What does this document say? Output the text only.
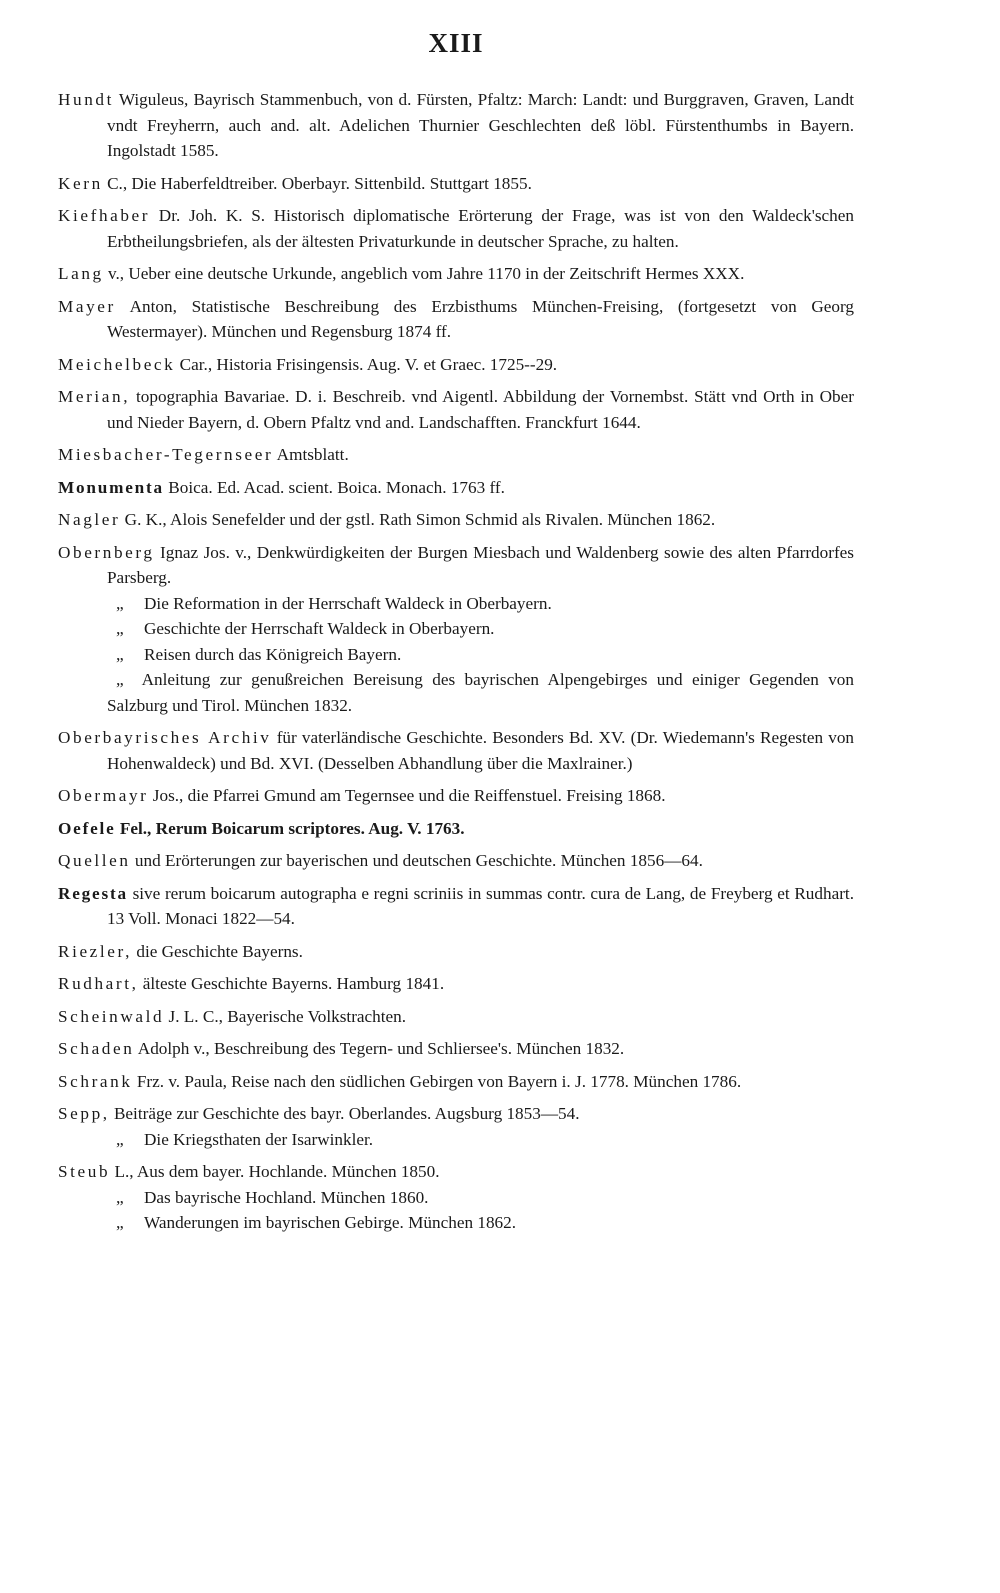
XIII
Hundt Wiguleus, Bayrisch Stammenbuch, von d. Fürsten, Pfaltz: March: Landt: und Burggraven, Graven, Landt vndt Freyherrn, auch and. alt. Adelichen Thurnier Geschlechten deß löbl. Fürstenthumbs in Bayern. Ingolstadt 1585.
Kern C., Die Haberfeldtreiber. Oberbayr. Sittenbild. Stuttgart 1855.
Kiefhaber Dr. Joh. K. S. Historisch diplomatische Erörterung der Frage, was ist von den Waldeck'schen Erbtheilungsbriefen, als der ältesten Privaturkunde in deutscher Sprache, zu halten.
Lang v., Ueber eine deutsche Urkunde, angeblich vom Jahre 1170 in der Zeitschrift Hermes XXX.
Mayer Anton, Statistische Beschreibung des Erzbisthums München-Freising, (fortgesetzt von Georg Westermayer). München und Regensburg 1874 ff.
Meichelbeck Car., Historia Frisingensis. Aug. V. et Graec. 1725--29.
Merian, topographia Bavariae. D. i. Beschreib. vnd Aigentl. Abbildung der Vornembst. Stätt vnd Orth in Ober und Nieder Bayern, d. Obern Pfaltz vnd and. Landschafften. Franckfurt 1644.
Miesbacher-Tegernseer Amtsblatt.
Monumenta Boica. Ed. Acad. scient. Boica. Monach. 1763 ff.
Nagler G. K., Alois Senefelder und der gstl. Rath Simon Schmid als Rivalen. München 1862.
Obernberg Ignaz Jos. v., Denkwürdigkeiten der Burgen Miesbach und Waldenberg sowie des alten Pfarrdorfes Parsberg.
„ Die Reformation in der Herrschaft Waldeck in Oberbayern.
„ Geschichte der Herrschaft Waldeck in Oberbayern.
„ Reisen durch das Königreich Bayern.
„ Anleitung zur genußreichen Bereisung des bayrischen Alpengebirges und einiger Gegenden von Salzburg und Tirol. München 1832.
Oberbayrisches Archiv für vaterländische Geschichte. Besonders Bd. XV. (Dr. Wiedemann's Regesten von Hohenwaldeck) und Bd. XVI. (Desselben Abhandlung über die Maxlrainer.)
Obermayr Jos., die Pfarrei Gmund am Tegernsee und die Reiffenstuel. Freising 1868.
Oefele Fel., Rerum Boicarum scriptores. Aug. V. 1763.
Quellen und Erörterungen zur bayerischen und deutschen Geschichte. München 1856—64.
Regesta sive rerum boicarum autographa e regni scriniis in summas contr. cura de Lang, de Freyberg et Rudhart. 13 Voll. Monaci 1822—54.
Riezler, die Geschichte Bayerns.
Rudhart, älteste Geschichte Bayerns. Hamburg 1841.
Scheinwald J. L. C., Bayerische Volkstrachten.
Schaden Adolph v., Beschreibung des Tegern- und Schliersee's. München 1832.
Schrank Frz. v. Paula, Reise nach den südlichen Gebirgen von Bayern i. J. 1778. München 1786.
Sepp, Beiträge zur Geschichte des bayr. Oberlandes. Augsburg 1853—54.
„ Die Kriegsthaten der Isarwinkler.
Steub L., Aus dem bayer. Hochlande. München 1850.
„ Das bayrische Hochland. München 1860.
„ Wanderungen im bayrischen Gebirge. München 1862.
